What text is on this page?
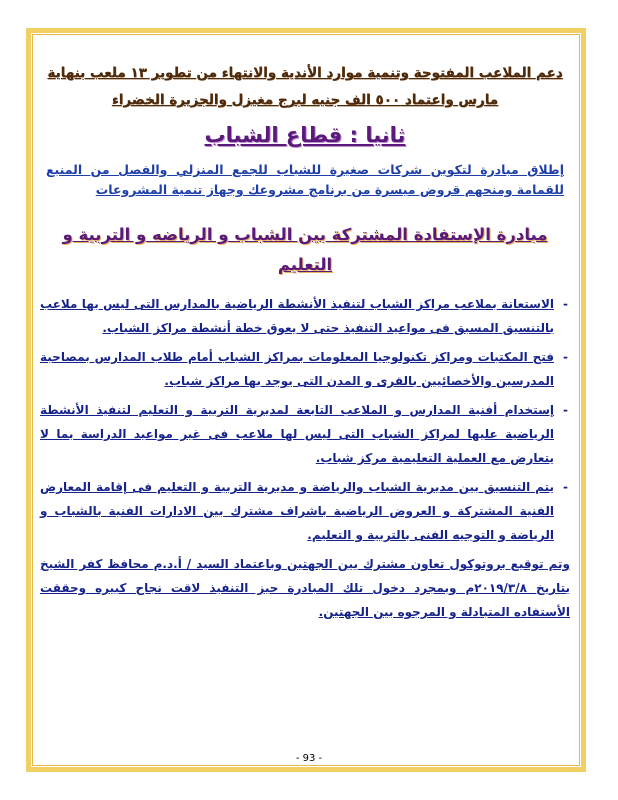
دعم الملاعب المفتوحة وتنمية موارد الأندية والانتهاء من تطوير ١٣ ملعب بنهاية مارس واعتماد ٥٠٠ الف جنيه لبرج مغيزل والجزيرة الخضراء
ثانيا : قطاع الشباب
إطلاق مبادرة لتكوين شركات صغيرة للشباب للجمع المنزلي والفصل من المنبع للقمامة ومنحهم قروض ميسرة من برنامج مشروعك وجهاز تنمية المشروعات
مبادرة الإستفادة المشتركة بين الشباب و الرياضه و التربية و التعليم
-
الاستعانة بملاعب مراكز الشباب لتنفيذ الأنشطة الرياضية بالمدارس التى ليس بها ملاعب بالتنسيق المسبق فى مواعيد التنفيذ حتى لا يعوق خطة أنشطة مراكز الشباب.
-
فتح المكتبات ومراكز تكنولوجيا المعلومات بمراكز الشباب أمام طلاب المدارس بمصاحبة المدرسين والأخصائيين بالقرى و المدن التى يوجد بها مراكز شباب.
-
إستخدام أفنية المدارس و الملاعب التابعة لمديرية التربية و التعليم لتنفيذ الأنشطة الرياضية عليها لمراكز الشباب التى ليس لها ملاعب فى غير مواعيد الدراسة بما لا يتعارض مع العملية التعليمية مركز شباب.
-
يتم التنسيق بين مديرية الشباب والرياضة و مديرية التربية و التعليم فى إقامة المعارض الفنية المشتركة و العروض الرياضية باشراف مشترك بين الادارات الفنية بالشباب و الرياضة و التوجيه الفنى بالتربية و التعليم.
وتم توقيع بروتوكول تعاون مشترك بين الجهتين وباعتماد السيد / أ.د.م محافظ كفر الشيخ بتاريخ ٢٠١٩/٣/٨م وبمجرد دخول تلك المبادرة حيز التنفيذ لاقت نجاح كبيره وحققت الأستفاده المتبادلة و المرجوه بين الجهتين.
- 93 -
